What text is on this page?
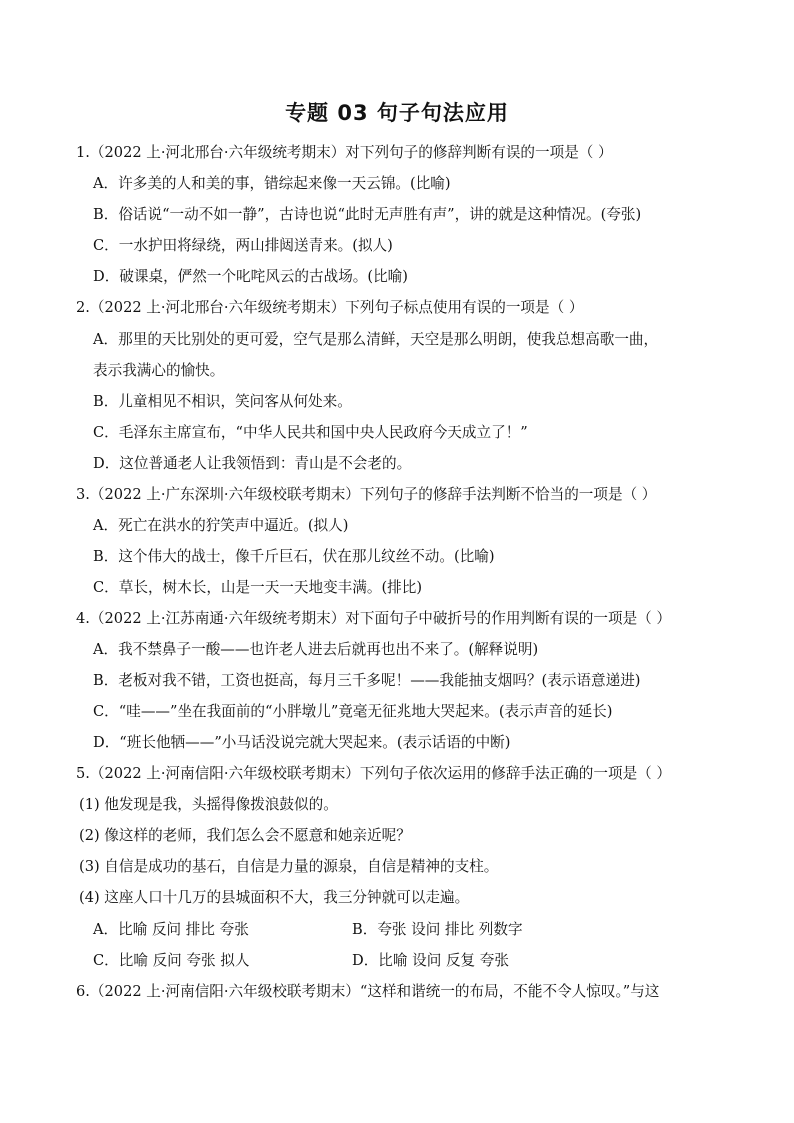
专题 03 句子句法应用
1.（2022 上·河北邢台·六年级统考期末）对下列句子的修辞判断有误的一项是（ ）
A．许多美的人和美的事，错综起来像一天云锦。(比喻)
B．俗话说“一动不如一静”，古诗也说“此时无声胜有声”，讲的就是这种情况。(夸张)
C．一水护田将绿绕，两山排闼送青来。(拟人)
D．破课桌，俨然一个叱咤风云的古战场。(比喻)
2.（2022 上·河北邢台·六年级统考期末）下列句子标点使用有误的一项是（ ）
A．那里的天比别处的更可爱，空气是那么清鲜，天空是那么明朗，使我总想高歌一曲，
表示我满心的愉快。
B．儿童相见不相识，笑问客从何处来。
C．毛泽东主席宣布，“中华人民共和国中央人民政府今天成立了！”
D．这位普通老人让我领悟到：青山是不会老的。
3.（2022 上·广东深圳·六年级校联考期末）下列句子的修辞手法判断不恰当的一项是（ ）
A．死亡在洪水的狞笑声中逼近。(拟人)
B．这个伟大的战士，像千斤巨石，伏在那儿纹丝不动。(比喻)
C．草长，树木长，山是一天一天地变丰满。(排比)
4.（2022 上·江苏南通·六年级统考期末）对下面句子中破折号的作用判断有误的一项是（ ）
A．我不禁鼻子一酸——也许老人进去后就再也出不来了。(解释说明)
B．老板对我不错，工资也挺高，每月三千多呢！——我能抽支烟吗？(表示语意递进)
C．“哇——”坐在我面前的“小胖墩儿”竟毫无征兆地大哭起来。(表示声音的延长)
D．“班长他牺——”小马话没说完就大哭起来。(表示话语的中断)
5.（2022 上·河南信阳·六年级校联考期末）下列句子依次运用的修辞手法正确的一项是（ ）
(1) 他发现是我，头摇得像拨浪鼓似的。
(2) 像这样的老师，我们怎么会不愿意和她亲近呢？
(3) 自信是成功的基石，自信是力量的源泉，自信是精神的支柱。
(4) 这座人口十几万的县城面积不大，我三分钟就可以走遍。
A．比喻 反问 排比 夸张	B．夸张 设问 排比 列数字
C．比喻 反问 夸张 拟人	D．比喻 设问 反复 夸张
6.（2022 上·河南信阳·六年级校联考期末）“这样和谐统一的布局，不能不令人惊叹。”与这
